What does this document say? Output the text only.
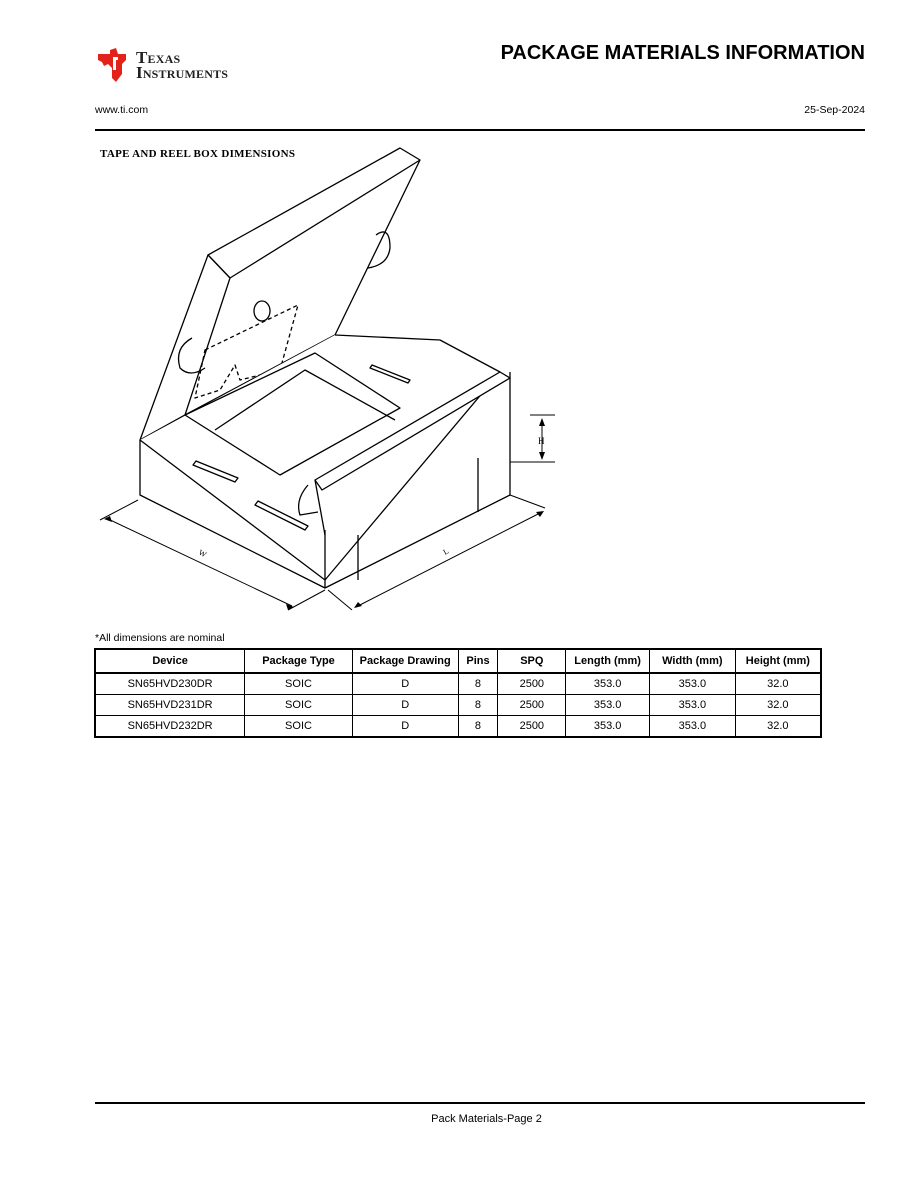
Texas
Instruments
PACKAGE MATERIALS INFORMATION
www.ti.com	25-Sep-2024
TAPE AND REEL BOX DIMENSIONS
H
W	L
*All dimensions are nominal
Device	Package Type	Package Drawing	Pins	SPQ	Length (mm)	Width (mm)	Height (mm)
SN65HVD230DR	SOIC	D	8	2500	353.0	353.0	32.0
SN65HVD231DR	SOIC	D	8	2500	353.0	353.0	32.0
SN65HVD232DR	SOIC	D	8	2500	353.0	353.0	32.0
Pack Materials-Page 2
